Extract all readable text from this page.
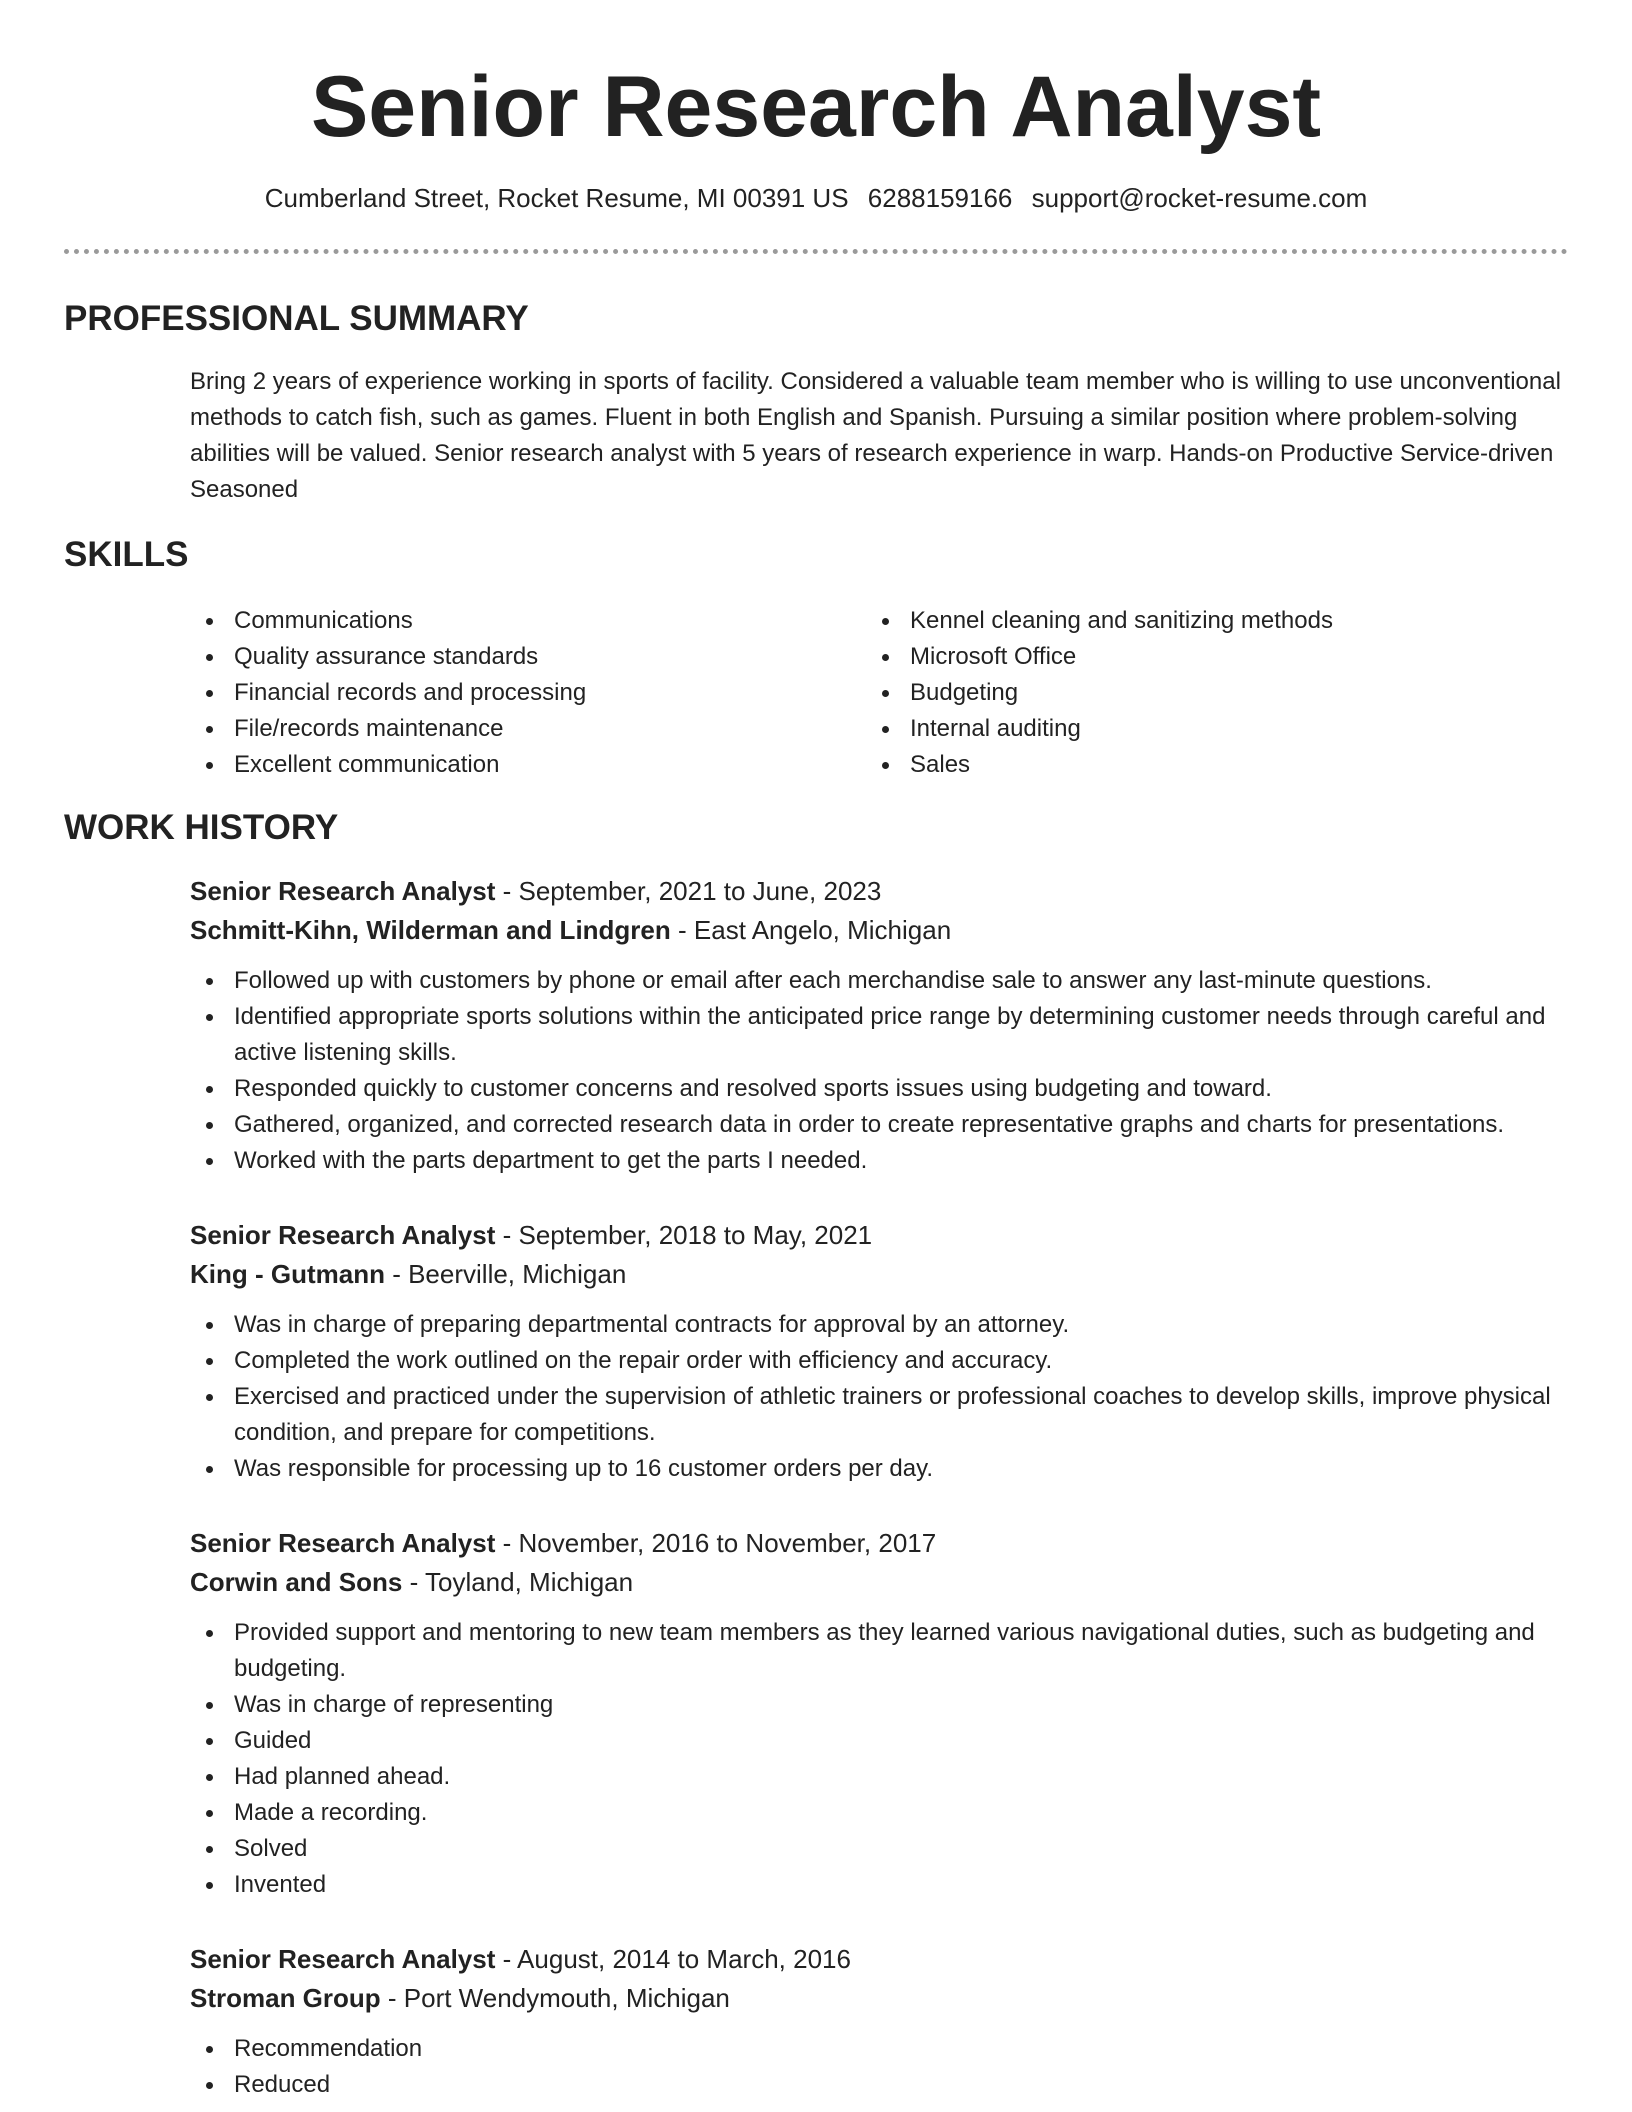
Senior Research Analyst
Cumberland Street, Rocket Resume, MI 00391 US 6288159166 support@rocket-resume.com
PROFESSIONAL SUMMARY
Bring 2 years of experience working in sports of facility. Considered a valuable team member who is willing to use unconventional methods to catch fish, such as games. Fluent in both English and Spanish. Pursuing a similar position where problem-solving abilities will be valued. Senior research analyst with 5 years of research experience in warp. Hands-on Productive Service-driven Seasoned
SKILLS
Communications
Quality assurance standards
Financial records and processing
File/records maintenance
Excellent communication
Kennel cleaning and sanitizing methods
Microsoft Office
Budgeting
Internal auditing
Sales
WORK HISTORY
Senior Research Analyst - September, 2021 to June, 2023
Schmitt-Kihn, Wilderman and Lindgren - East Angelo, Michigan
Followed up with customers by phone or email after each merchandise sale to answer any last-minute questions.
Identified appropriate sports solutions within the anticipated price range by determining customer needs through careful and active listening skills.
Responded quickly to customer concerns and resolved sports issues using budgeting and toward.
Gathered, organized, and corrected research data in order to create representative graphs and charts for presentations.
Worked with the parts department to get the parts I needed.
Senior Research Analyst - September, 2018 to May, 2021
King - Gutmann - Beerville, Michigan
Was in charge of preparing departmental contracts for approval by an attorney.
Completed the work outlined on the repair order with efficiency and accuracy.
Exercised and practiced under the supervision of athletic trainers or professional coaches to develop skills, improve physical condition, and prepare for competitions.
Was responsible for processing up to 16 customer orders per day.
Senior Research Analyst - November, 2016 to November, 2017
Corwin and Sons - Toyland, Michigan
Provided support and mentoring to new team members as they learned various navigational duties, such as budgeting and budgeting.
Was in charge of representing
Guided
Had planned ahead.
Made a recording.
Solved
Invented
Senior Research Analyst - August, 2014 to March, 2016
Stroman Group - Port Wendymouth, Michigan
Recommendation
Reduced
